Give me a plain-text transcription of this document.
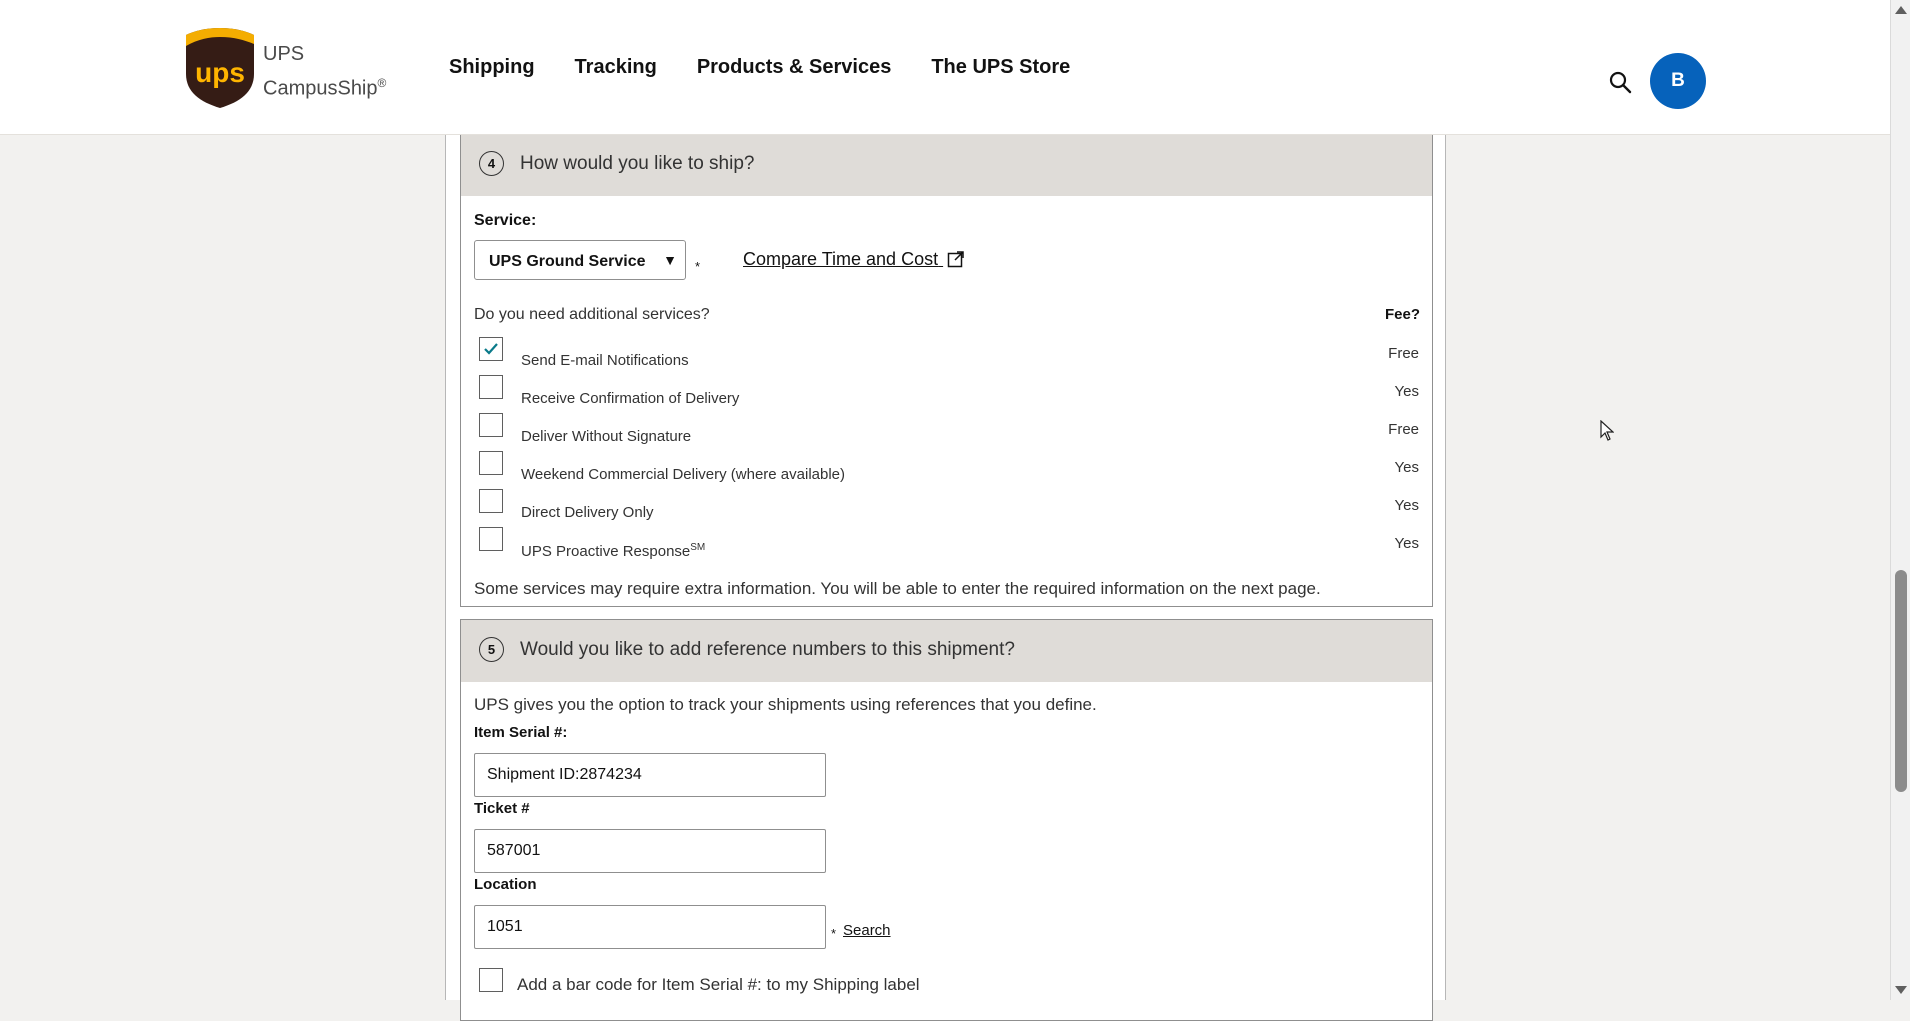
ups
UPS
CampusShip®
Shipping Tracking Products & Services The UPS Store
B
4	How would you like to ship?
Service:
UPS Ground Service ▼ * Compare Time and Cost
Do you need additional services?	Fee?
Send E-mail Notifications	Free
Receive Confirmation of Delivery	Yes
Deliver Without Signature	Free
Weekend Commercial Delivery (where available)	Yes
Direct Delivery Only	Yes
UPS Proactive Response℠	Yes
Some services may require extra information. You will be able to enter the required information on the next page.
5	Would you like to add reference numbers to this shipment?
UPS gives you the option to track your shipments using references that you define.
Item Serial #:
Shipment ID:2874234
Ticket #
587001
Location
1051
* Search
Add a bar code for Item Serial #: to my Shipping label
